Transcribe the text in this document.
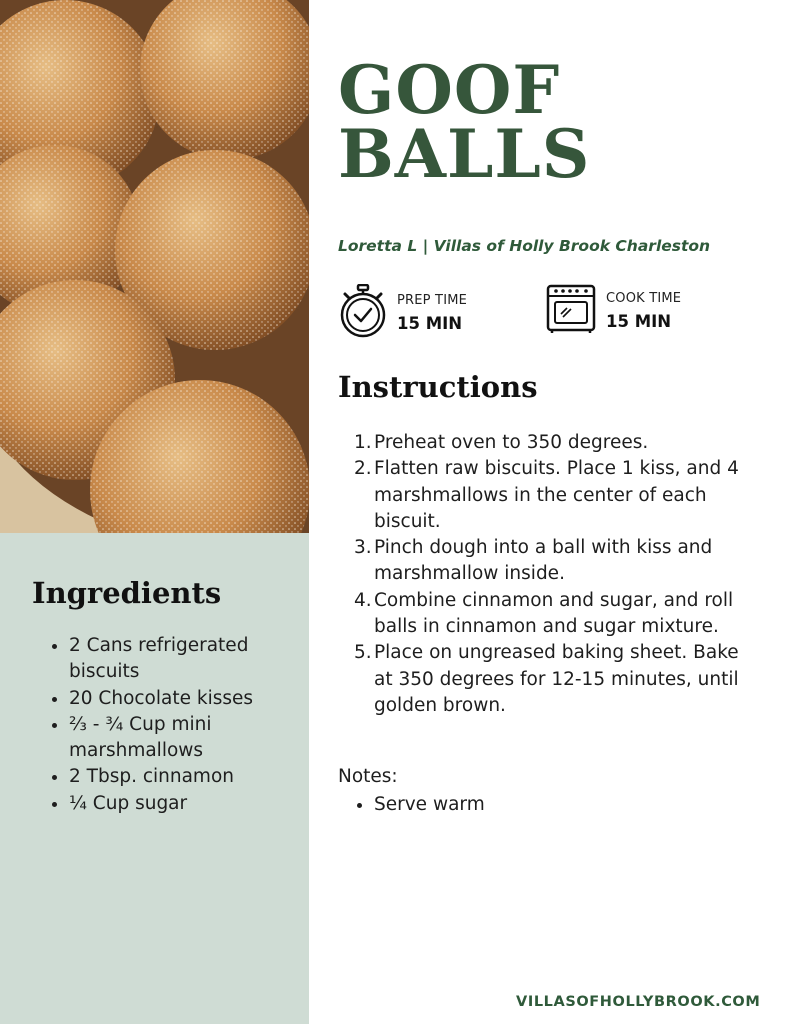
Ingredients
• 2 Cans refrigerated biscuits
• 20 Chocolate kisses
• ⅔ - ¾ Cup mini marshmallows
• 2 Tbsp. cinnamon
• ¼ Cup sugar
GOOF
BALLS

Loretta L | Villas of Holly Brook Charleston

PREP TIME
15 MIN
COOK TIME
15 MIN
Instructions
1. Preheat oven to 350 degrees.
2. Flatten raw biscuits. Place 1 kiss, and 4 marshmallows in the center of each biscuit.
3. Pinch dough into a ball with kiss and marshmallow inside.
4. Combine cinnamon and sugar, and roll balls in cinnamon and sugar mixture.
5. Place on ungreased baking sheet. Bake at 350 degrees for 12-15 minutes, until golden brown.

Notes:

• Serve warm
VILLASOFHOLLYBROOK.COM
